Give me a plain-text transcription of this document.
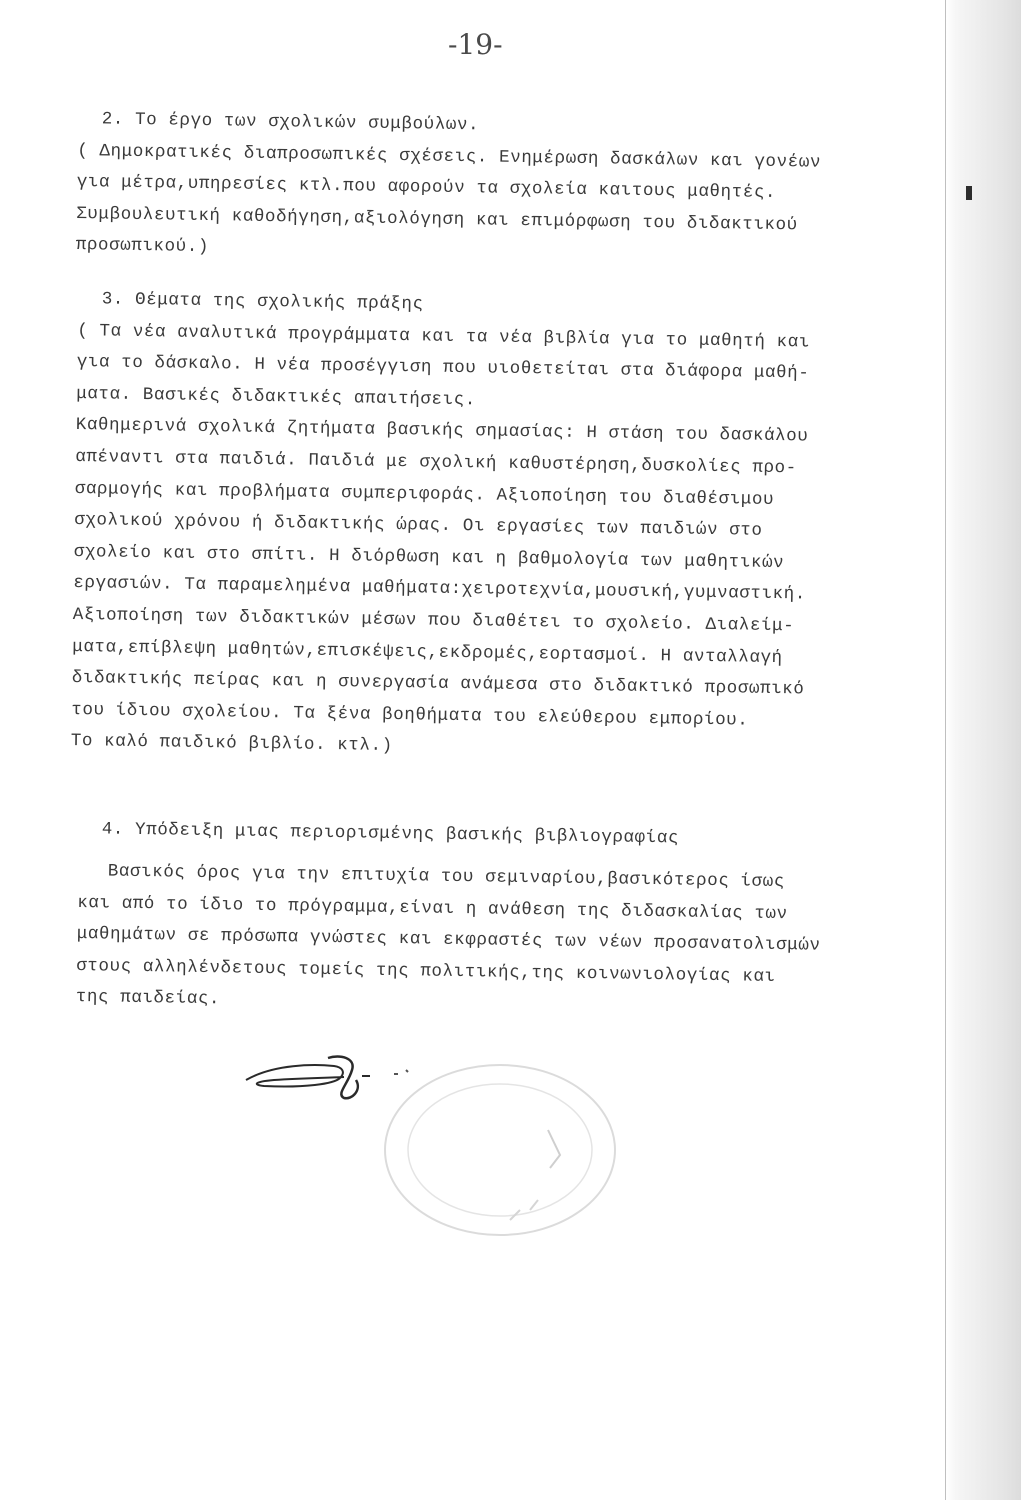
-19-

2. Το έργο των σχολικών συμβούλων.

( Δημοκρατικές διαπροσωπικές σχέσεις. Ενημέρωση δασκάλων και γονέων

για μέτρα,υπηρεσίες κτλ.που αφορούν τα σχολεία καιτους μαθητές.

Συμβουλευτική καθοδήγηση,αξιολόγηση και επιμόρφωση του διδακτικού

προσωπικού.)

3. Θέματα της σχολικής πράξης

( Τα νέα αναλυτικά προγράμματα και τα νέα βιβλία για το μαθητή και

για το δάσκαλο. Η νέα προσέγγιση που υιοθετείται στα διάφορα μαθή-

ματα. Βασικές διδακτικές απαιτήσεις.

Καθημερινά σχολικά ζητήματα βασικής σημασίας: Η στάση του δασκάλου

απέναντι στα παιδιά. Παιδιά με σχολική καθυστέρηση,δυσκολίες προ-

σαρμογής και προβλήματα συμπεριφοράς. Αξιοποίηση του διαθέσιμου

σχολικού χρόνου ή διδακτικής ώρας. Οι εργασίες των παιδιών στο

σχολείο και στο σπίτι. Η διόρθωση και η βαθμολογία των μαθητικών

εργασιών. Τα παραμελημένα μαθήματα:χειροτεχνία,μουσική,γυμναστική.

Αξιοποίηση των διδακτικών μέσων που διαθέτει το σχολείο. Διαλείμ-

ματα,επίβλεψη μαθητών,επισκέψεις,εκδρομές,εορτασμοί. Η ανταλλαγή

διδακτικής πείρας και η συνεργασία ανάμεσα στο διδακτικό προσωπικό

του ίδιου σχολείου. Τα ξένα βοηθήματα του ελεύθερου εμπορίου.

Το καλό παιδικό βιβλίο. κτλ.)

4. Υπόδειξη μιας περιορισμένης βασικής βιβλιογραφίας

Βασικός όρος για την επιτυχία του σεμιναρίου,βασικότερος ίσως

και από το ίδιο το πρόγραμμα,είναι η ανάθεση της διδασκαλίας των

μαθημάτων σε πρόσωπα γνώστες και εκφραστές των νέων προσανατολισμών

στους αλληλένδετους τομείς της πολιτικής,της κοινωνιολογίας και

της παιδείας.
